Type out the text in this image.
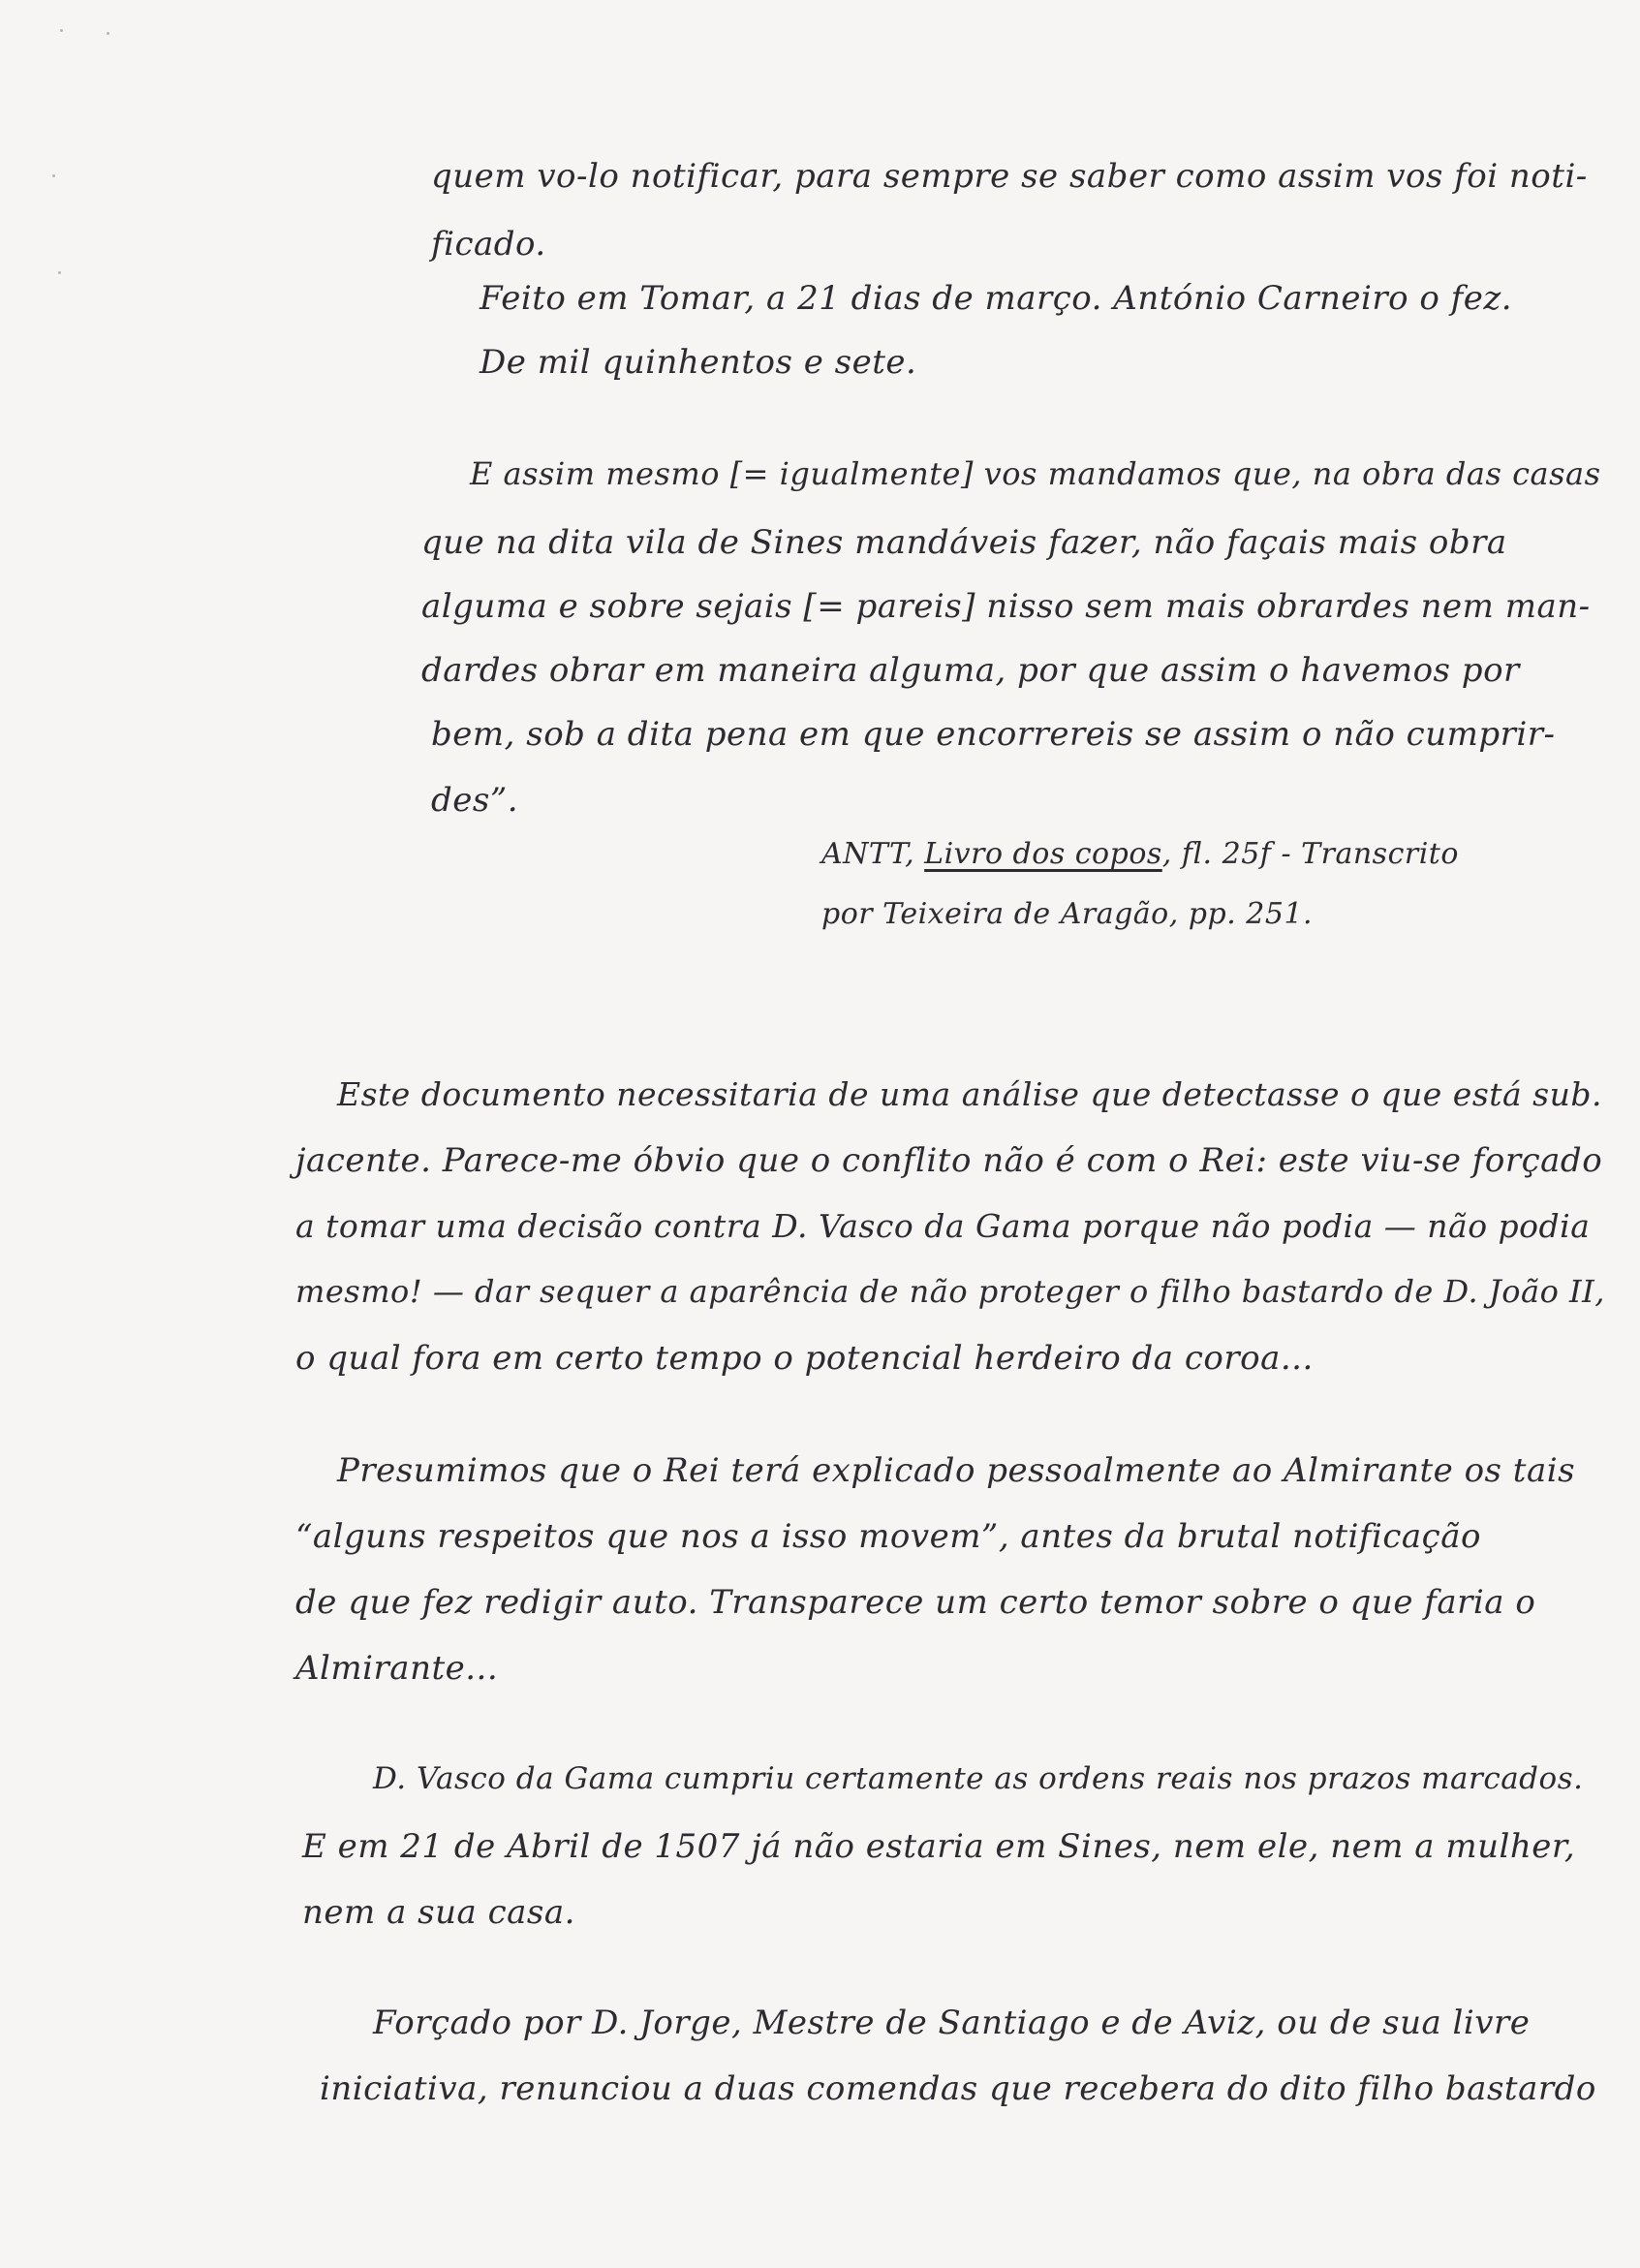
quem vo-lo notificar, para sempre se saber como assim vos foi noti-
ficado.
Feito em Tomar, a 21 dias de março. António Carneiro o fez.
De mil quinhentos e sete.
E assim mesmo [= igualmente] vos mandamos que, na obra das casas
que na dita vila de Sines mandáveis fazer, não façais mais obra
alguma e sobre sejais [= pareis] nisso sem mais obrardes nem man-
dardes obrar em maneira alguma, por que assim o havemos por
bem, sob a dita pena em que encorrereis se assim o não cumprir-
des”.
ANTT, Livro dos copos, fl. 25f - Transcrito
por Teixeira de Aragão, pp. 251.
Este documento necessitaria de uma análise que detectasse o que está sub.
jacente. Parece-me óbvio que o conflito não é com o Rei: este viu-se forçado
a tomar uma decisão contra D. Vasco da Gama porque não podia — não podia
mesmo! — dar sequer a aparência de não proteger o filho bastardo de D. João II,
o qual fora em certo tempo o potencial herdeiro da coroa...
Presumimos que o Rei terá explicado pessoalmente ao Almirante os tais
“alguns respeitos que nos a isso movem”, antes da brutal notificação
de que fez redigir auto. Transparece um certo temor sobre o que faria o
Almirante...
D. Vasco da Gama cumpriu certamente as ordens reais nos prazos marcados.
E em 21 de Abril de 1507 já não estaria em Sines, nem ele, nem a mulher,
nem a sua casa.
Forçado por D. Jorge, Mestre de Santiago e de Aviz, ou de sua livre
iniciativa, renunciou a duas comendas que recebera do dito filho bastardo
